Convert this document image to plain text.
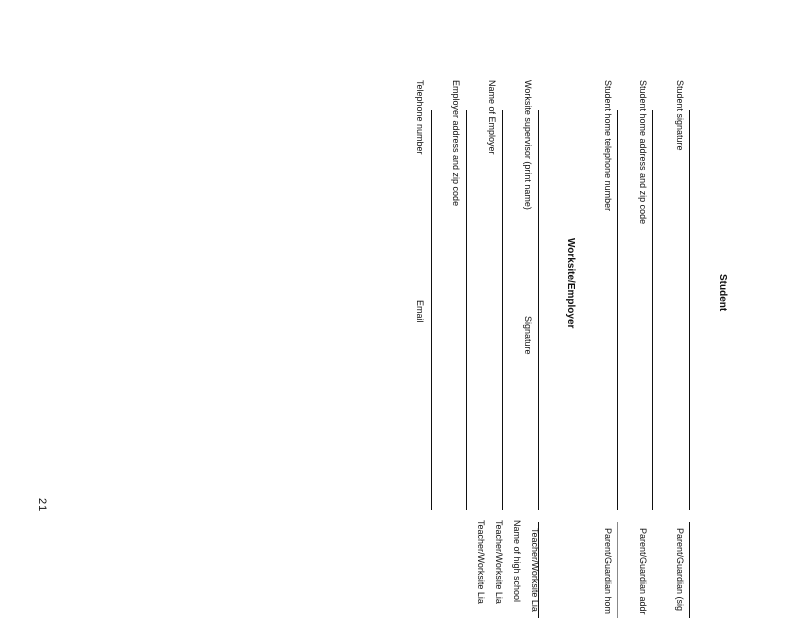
Student
Student signature
Student home address and zip code
Student home telephone number
Parent/Guardian (sig
Parent/Guardian addr
Parent/Guardian hom
Worksite/Employer
Worksite supervisor (print name)
Signature
Name of Employer
Employer address and zip code
Telephone number
Email
Teacher/Worksite Lia
Name of high school
Teacher/Worksite Lia
Teacher/Worksite Lia
21
